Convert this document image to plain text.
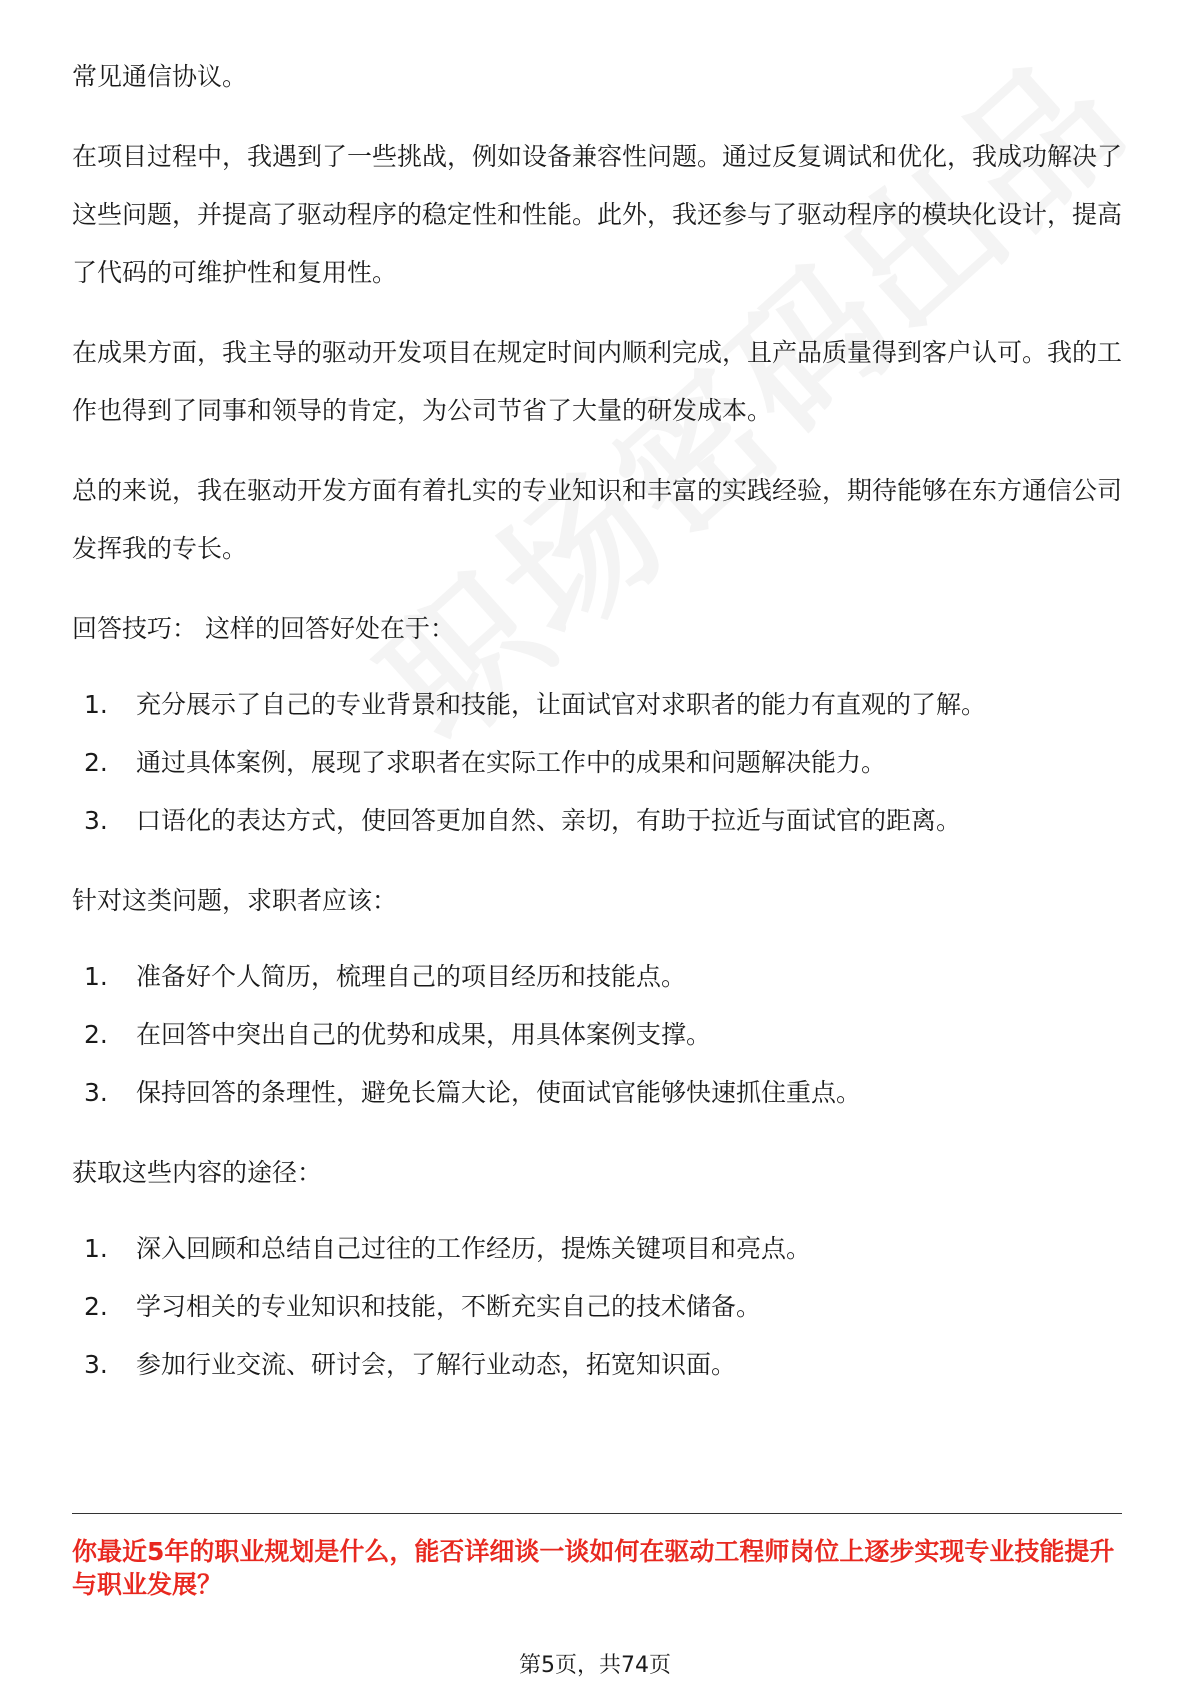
常见通信协议。

在项目过程中，我遇到了一些挑战，例如设备兼容性问题。通过反复调试和优化，我成功解决了这些问题，并提高了驱动程序的稳定性和性能。此外，我还参与了驱动程序的模块化设计，提高了代码的可维护性和复用性。

在成果方面，我主导的驱动开发项目在规定时间内顺利完成，且产品质量得到客户认可。我的工作也得到了同事和领导的肯定，为公司节省了大量的研发成本。

总的来说，我在驱动开发方面有着扎实的专业知识和丰富的实践经验，期待能够在东方通信公司发挥我的专长。

回答技巧： 这样的回答好处在于：

1.	充分展示了自己的专业背景和技能，让面试官对求职者的能力有直观的了解。
2.	通过具体案例，展现了求职者在实际工作中的成果和问题解决能力。
3.	口语化的表达方式，使回答更加自然、亲切，有助于拉近与面试官的距离。

针对这类问题，求职者应该：

1.	准备好个人简历，梳理自己的项目经历和技能点。
2.	在回答中突出自己的优势和成果，用具体案例支撑。
3.	保持回答的条理性，避免长篇大论，使面试官能够快速抓住重点。

获取这些内容的途径：

1.	深入回顾和总结自己过往的工作经历，提炼关键项目和亮点。
2.	学习相关的专业知识和技能，不断充实自己的技术储备。
3.	参加行业交流、研讨会，了解行业动态，拓宽知识面。

你最近5年的职业规划是什么，能否详细谈一谈如何在驱动工程师岗位上逐步实现专业技能提升与职业发展？

第5页，共74页
